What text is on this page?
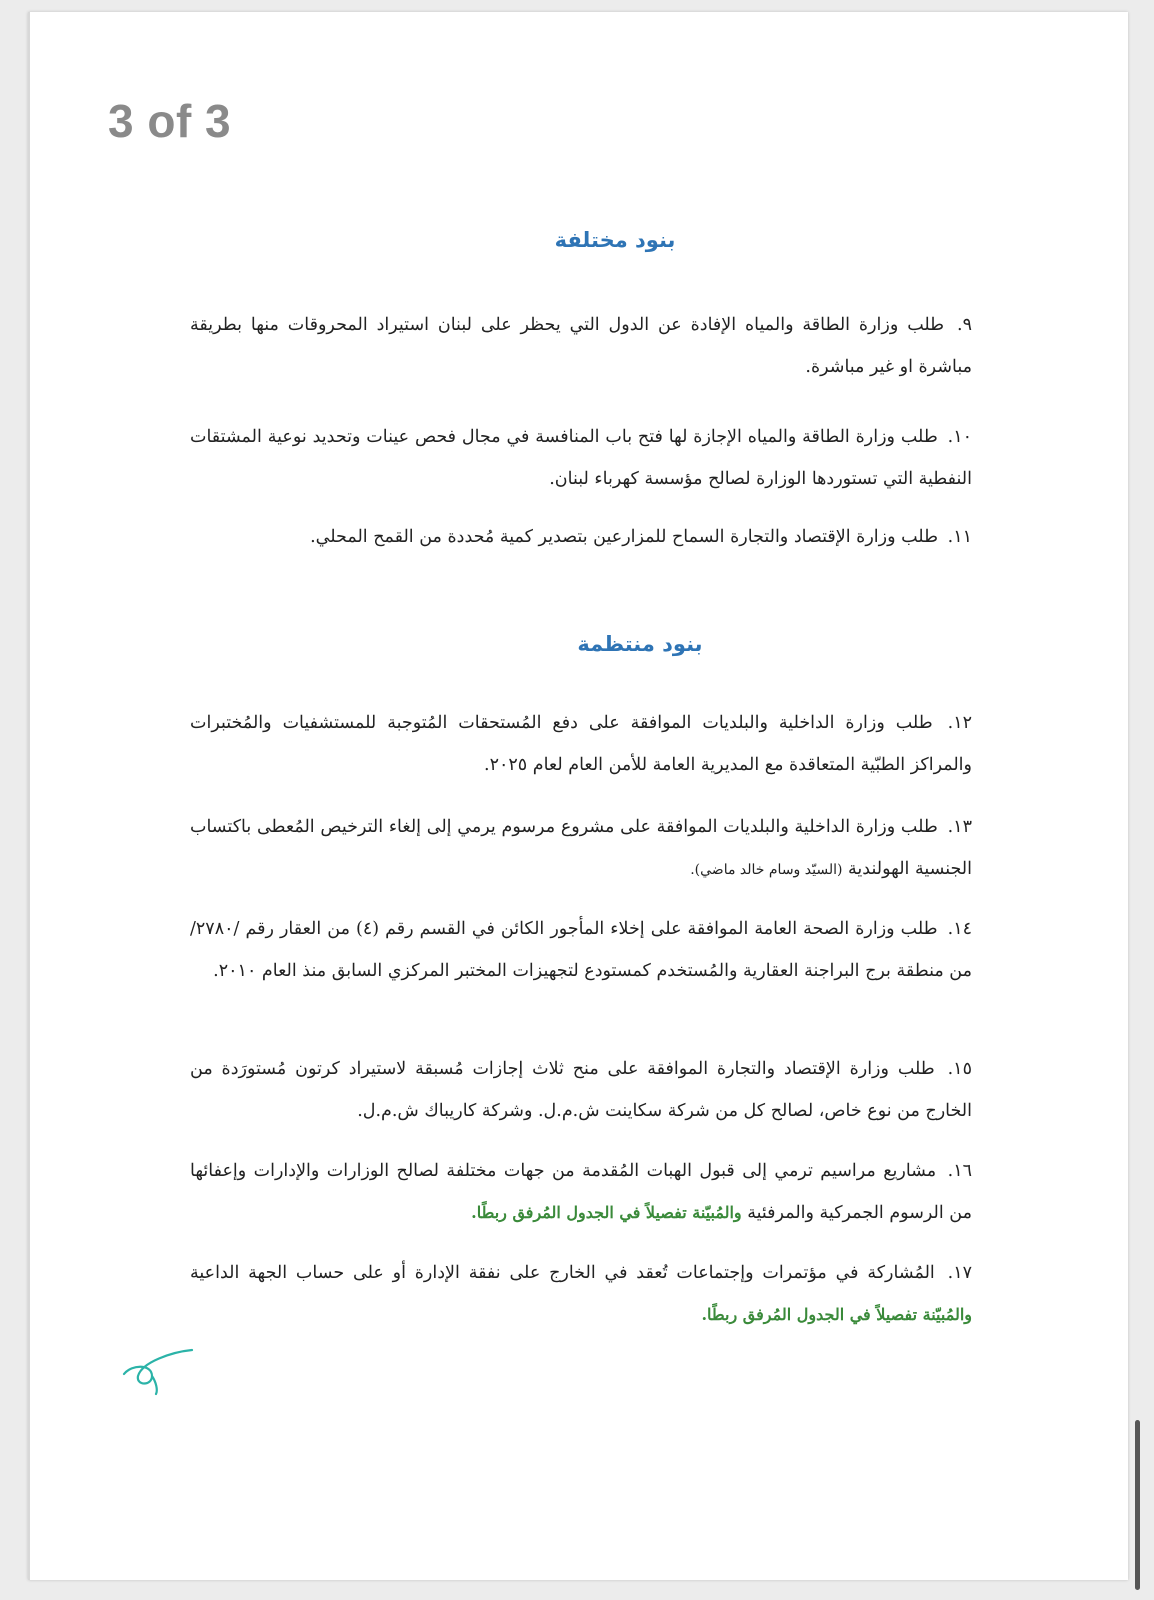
3 of 3
بنود مختلفة
٩. طلب وزارة الطاقة والمياه الإفادة عن الدول التي يحظر على لبنان استيراد المحروقات منها بطريقة مباشرة او غير مباشرة.
١٠. طلب وزارة الطاقة والمياه الإجازة لها فتح باب المنافسة في مجال فحص عينات وتحديد نوعية المشتقات النفطية التي تستوردها الوزارة لصالح مؤسسة كهرباء لبنان.
١١. طلب وزارة الإقتصاد والتجارة السماح للمزارعين بتصدير كمية مُحددة من القمح المحلي.
بنود منتظمة
١٢. طلب وزارة الداخلية والبلديات الموافقة على دفع المُستحقات المُتوجبة للمستشفيات والمُختبرات والمراكز الطبّية المتعاقدة مع المديرية العامة للأمن العام لعام ٢٠٢٥.
١٣. طلب وزارة الداخلية والبلديات الموافقة على مشروع مرسوم يرمي إلى إلغاء الترخيص المُعطى باكتساب الجنسية الهولندية (السيّد وسام خالد ماضي).
١٤. طلب وزارة الصحة العامة الموافقة على إخلاء المأجور الكائن في القسم رقم (٤) من العقار رقم /٢٧٨٠/ من منطقة برج البراجنة العقارية والمُستخدم كمستودع لتجهيزات المختبر المركزي السابق منذ العام ٢٠١٠.
١٥. طلب وزارة الإقتصاد والتجارة الموافقة على منح ثلاث إجازات مُسبقة لاستيراد كرتون مُستورَدة من الخارج من نوع خاص، لصالح كل من شركة سكاينت ش.م.ل. وشركة كاريباك ش.م.ل.
١٦. مشاريع مراسيم ترمي إلى قبول الهبات المُقدمة من جهات مختلفة لصالح الوزارات والإدارات وإعفائها من الرسوم الجمركية والمرفئية والمُبيّنة تفصيلاً في الجدول المُرفق ربطًا.
١٧. المُشاركة في مؤتمرات وإجتماعات تُعقد في الخارج على نفقة الإدارة أو على حساب الجهة الداعية والمُبيّنة تفصيلاً في الجدول المُرفق ربطًا.
